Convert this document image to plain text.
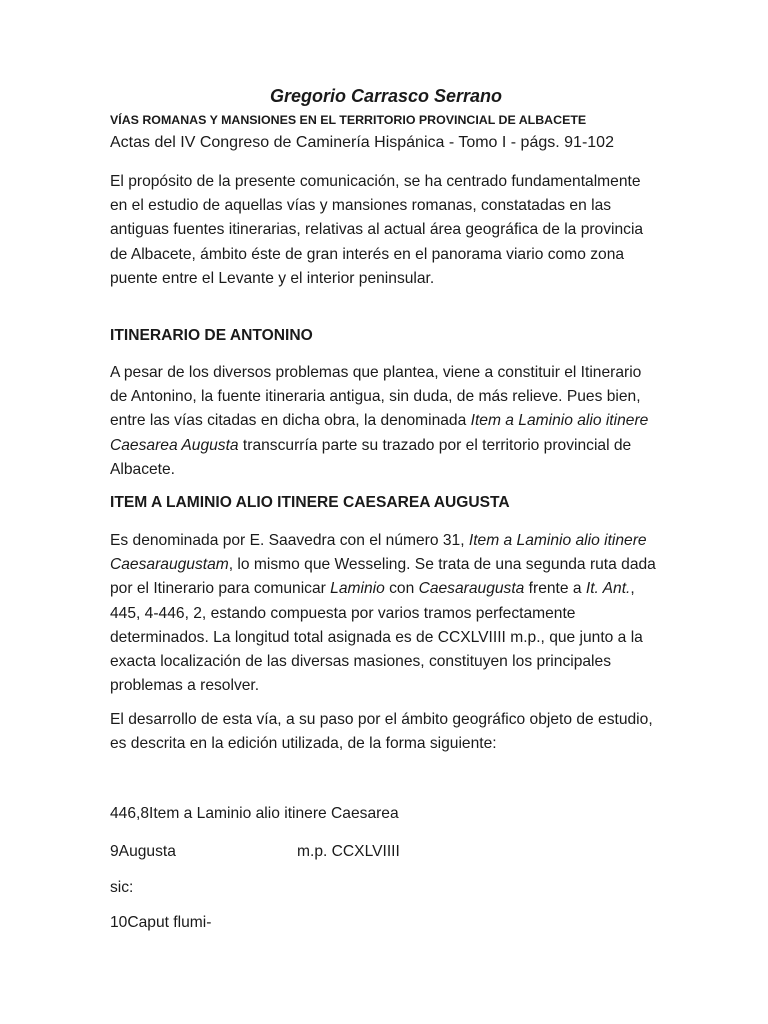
Gregorio Carrasco Serrano

VÍAS ROMANAS Y MANSIONES EN EL TERRITORIO PROVINCIAL DE ALBACETE

Actas del IV Congreso de Caminería Hispánica - Tomo I - págs. 91-102

El propósito de la presente comunicación, se ha centrado fundamentalmente en el estudio de aquellas vías y mansiones romanas, constatadas en las antiguas fuentes itinerarias, relativas al actual área geográfica de la provincia de Albacete, ámbito éste de gran interés en el panorama viario como zona puente entre el Levante y el interior peninsular.

ITINERARIO DE ANTONINO

A pesar de los diversos problemas que plantea, viene a constituir el Itinerario de Antonino, la fuente itineraria antigua, sin duda, de más relieve. Pues bien, entre las vías citadas en dicha obra, la denominada Item a Laminio alio itinere Caesarea Augusta transcurría parte su trazado por el territorio provincial de Albacete.

ITEM A LAMINIO ALIO ITINERE CAESAREA AUGUSTA

Es denominada por E. Saavedra con el número 31, Item a Laminio alio itinere Caesaraugustam, lo mismo que Wesseling. Se trata de una segunda ruta dada por el Itinerario para comunicar Laminio con Caesaraugusta frente a It. Ant., 445, 4-446, 2, estando compuesta por varios tramos perfectamente determinados. La longitud total asignada es de CCXLVIIII m.p., que junto a la exacta localización de las diversas masiones, constituyen los principales problemas a resolver.

El desarrollo de esta vía, a su paso por el ámbito geográfico objeto de estudio, es descrita en la edición utilizada, de la forma siguiente:

446,8Item a Laminio alio itinere Caesarea

9Augusta	m.p. CCXLVIIII

sic:

10Caput flumi-
